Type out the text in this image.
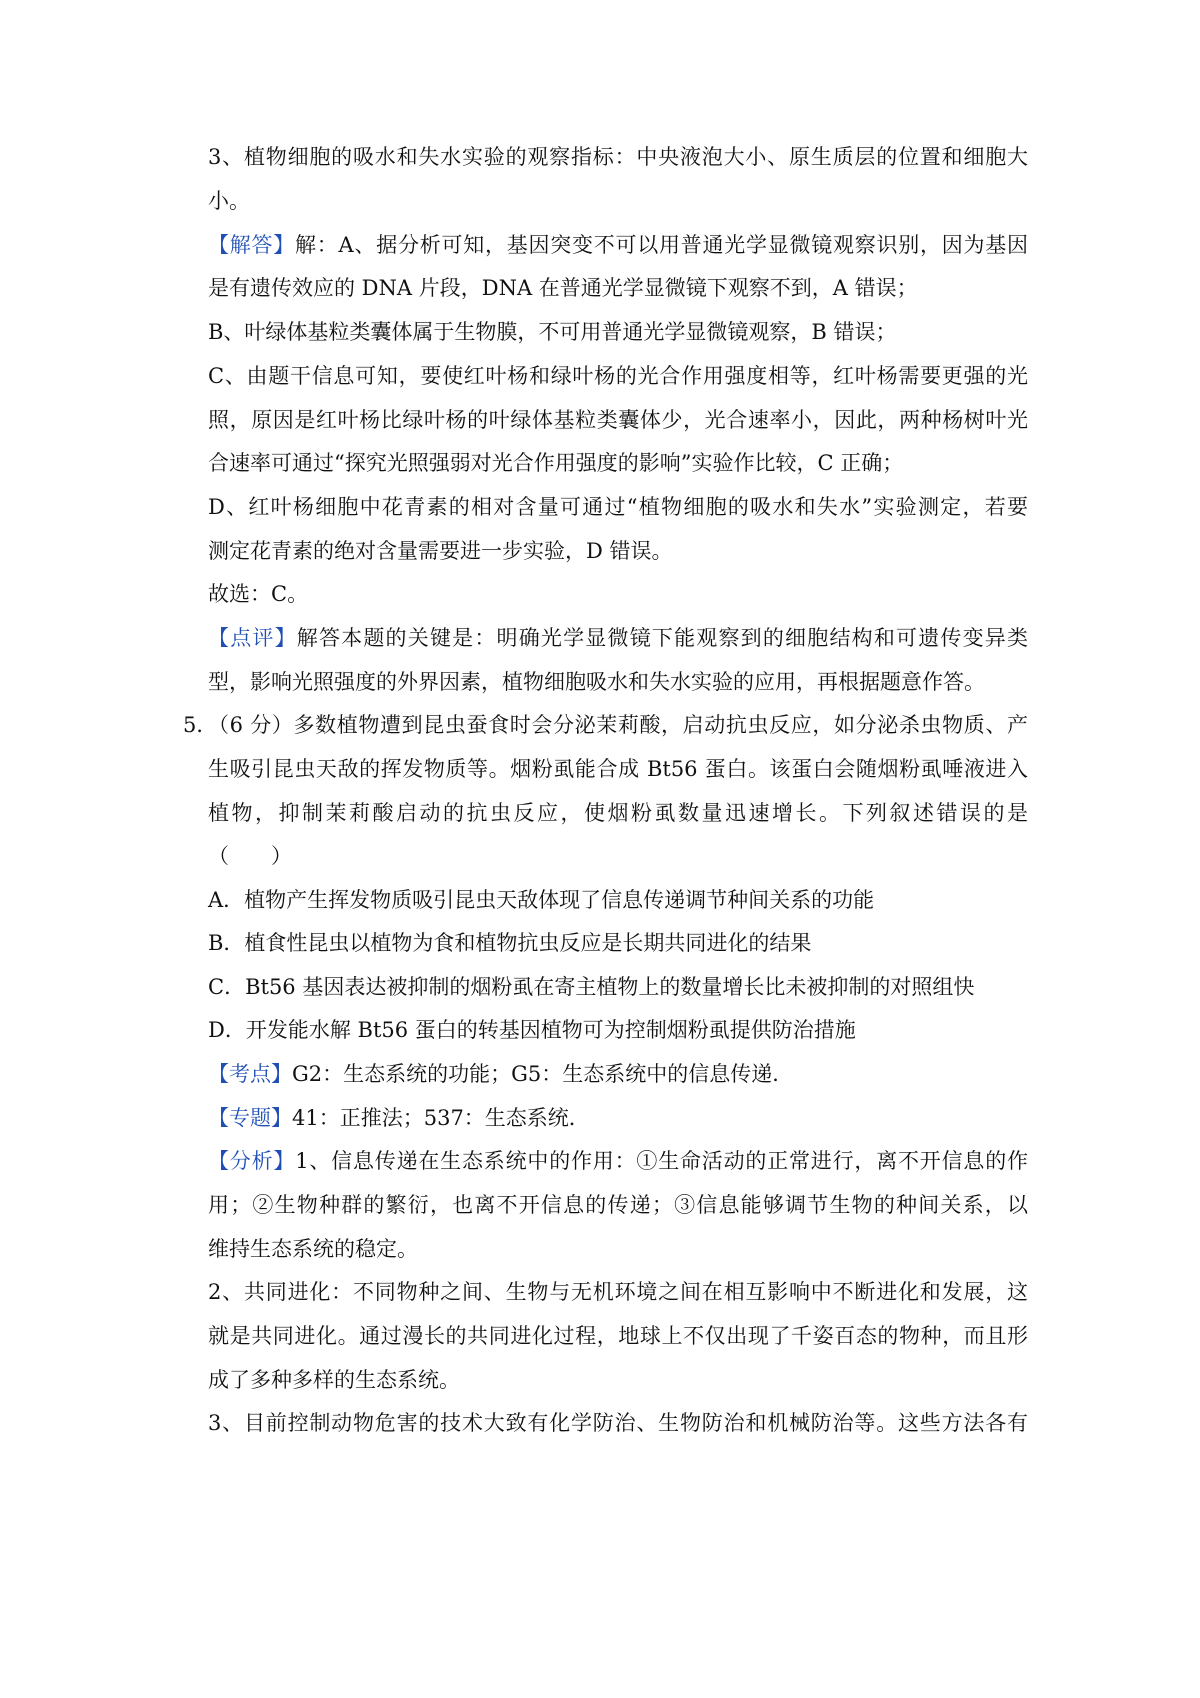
3、植物细胞的吸水和失水实验的观察指标：中央液泡大小、原生质层的位置和细胞大
小。
【解答】解：A、据分析可知，基因突变不可以用普通光学显微镜观察识别，因为基因
是有遗传效应的 DNA 片段，DNA 在普通光学显微镜下观察不到，A 错误；
B、叶绿体基粒类囊体属于生物膜，不可用普通光学显微镜观察，B 错误；
C、由题干信息可知，要使红叶杨和绿叶杨的光合作用强度相等，红叶杨需要更强的光
照，原因是红叶杨比绿叶杨的叶绿体基粒类囊体少，光合速率小，因此，两种杨树叶光
合速率可通过“探究光照强弱对光合作用强度的影响”实验作比较，C 正确；
D、红叶杨细胞中花青素的相对含量可通过“植物细胞的吸水和失水”实验测定，若要
测定花青素的绝对含量需要进一步实验，D 错误。
故选：C。
【点评】解答本题的关键是：明确光学显微镜下能观察到的细胞结构和可遗传变异类
型，影响光照强度的外界因素，植物细胞吸水和失水实验的应用，再根据题意作答。
5．
（6 分）多数植物遭到昆虫蚕食时会分泌茉莉酸，启动抗虫反应，如分泌杀虫物质、产
生吸引昆虫天敌的挥发物质等。烟粉虱能合成 Bt56 蛋白。该蛋白会随烟粉虱唾液进入
植物，抑制茉莉酸启动的抗虫反应，使烟粉虱数量迅速增长。下列叙述错误的是
（　　）
A．植物产生挥发物质吸引昆虫天敌体现了信息传递调节种间关系的功能
B．植食性昆虫以植物为食和植物抗虫反应是长期共同进化的结果
C．Bt56 基因表达被抑制的烟粉虱在寄主植物上的数量增长比未被抑制的对照组快
D．开发能水解 Bt56 蛋白的转基因植物可为控制烟粉虱提供防治措施
【考点】G2：生态系统的功能；G5：生态系统中的信息传递．
【专题】41：正推法；537：生态系统．
【分析】1、信息传递在生态系统中的作用：①生命活动的正常进行，离不开信息的作
用；②生物种群的繁衍，也离不开信息的传递；③信息能够调节生物的种间关系，以
维持生态系统的稳定。
2、共同进化：不同物种之间、生物与无机环境之间在相互影响中不断进化和发展，这
就是共同进化。通过漫长的共同进化过程，地球上不仅出现了千姿百态的物种，而且形
成了多种多样的生态系统。
3、目前控制动物危害的技术大致有化学防治、生物防治和机械防治等。这些方法各有
